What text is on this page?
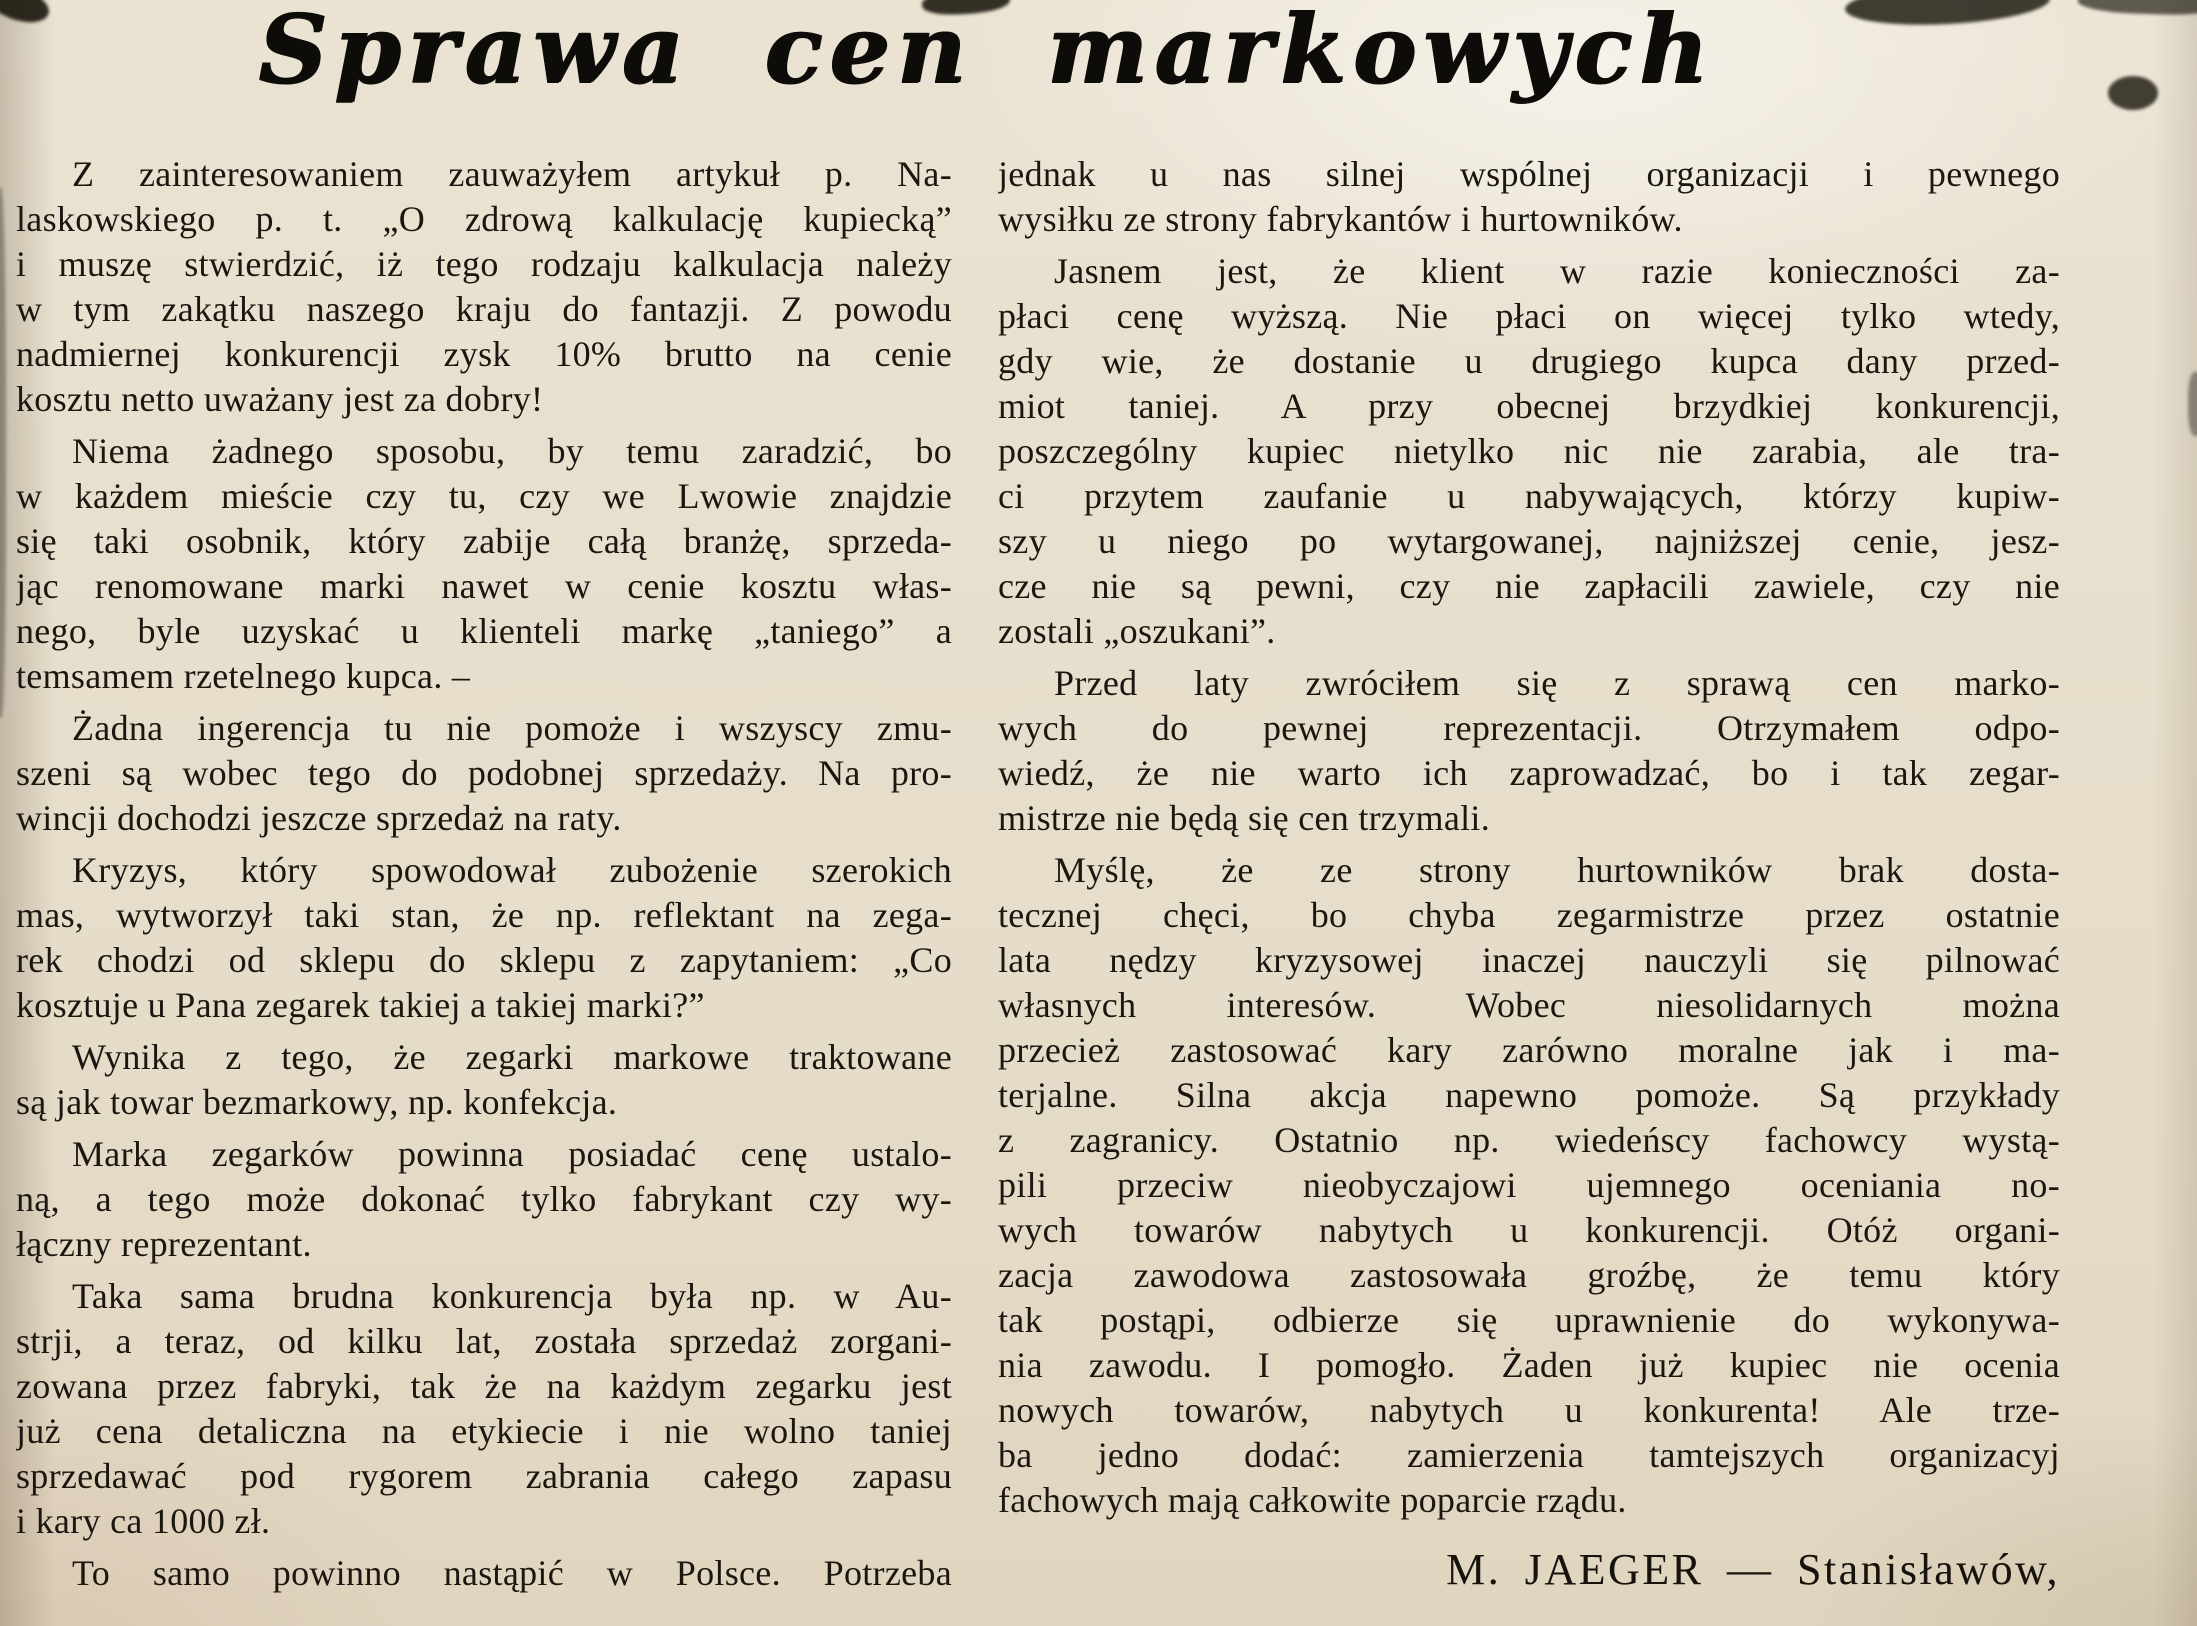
Sprawa cen markowych
Z zainteresowaniem zauważyłem artykuł p. Na-
laskowskiego p. t. „O zdrową kalkulację kupiecką”
i muszę stwierdzić, iż tego rodzaju kalkulacja należy
w tym zakątku naszego kraju do fantazji. Z powodu
nadmiernej konkurencji zysk 10% brutto na cenie
kosztu netto uważany jest za dobry!
Niema żadnego sposobu, by temu zaradzić, bo
w każdem mieście czy tu, czy we Lwowie znajdzie
się taki osobnik, który zabije całą branżę, sprzeda-
jąc renomowane marki nawet w cenie kosztu włas-
nego, byle uzyskać u klienteli markę „taniego” a
temsamem rzetelnego kupca. –
Żadna ingerencja tu nie pomoże i wszyscy zmu-
szeni są wobec tego do podobnej sprzedaży. Na pro-
wincji dochodzi jeszcze sprzedaż na raty.
Kryzys, który spowodował zubożenie szerokich
mas, wytworzył taki stan, że np. reflektant na zega-
rek chodzi od sklepu do sklepu z zapytaniem: „Co
kosztuje u Pana zegarek takiej a takiej marki?”
Wynika z tego, że zegarki markowe traktowane
są jak towar bezmarkowy, np. konfekcja.
Marka zegarków powinna posiadać cenę ustalo-
ną, a tego może dokonać tylko fabrykant czy wy-
łączny reprezentant.
Taka sama brudna konkurencja była np. w Au-
strji, a teraz, od kilku lat, została sprzedaż zorgani-
zowana przez fabryki, tak że na każdym zegarku jest
już cena detaliczna na etykiecie i nie wolno taniej
sprzedawać pod rygorem zabrania całego zapasu
i kary ca 1000 zł.
To samo powinno nastąpić w Polsce. Potrzeba
jednak u nas silnej wspólnej organizacji i pewnego
wysiłku ze strony fabrykantów i hurtowników.
Jasnem jest, że klient w razie konieczności za-
płaci cenę wyższą. Nie płaci on więcej tylko wtedy,
gdy wie, że dostanie u drugiego kupca dany przed-
miot taniej. A przy obecnej brzydkiej konkurencji,
poszczególny kupiec nietylko nic nie zarabia, ale tra-
ci przytem zaufanie u nabywających, którzy kupiw-
szy u niego po wytargowanej, najniższej cenie, jesz-
cze nie są pewni, czy nie zapłacili zawiele, czy nie
zostali „oszukani”.
Przed laty zwróciłem się z sprawą cen marko-
wych do pewnej reprezentacji. Otrzymałem odpo-
wiedź, że nie warto ich zaprowadzać, bo i tak zegar-
mistrze nie będą się cen trzymali.
Myślę, że ze strony hurtowników brak dosta-
tecznej chęci, bo chyba zegarmistrze przez ostatnie
lata nędzy kryzysowej inaczej nauczyli się pilnować
własnych interesów. Wobec niesolidarnych można
przecież zastosować kary zarówno moralne jak i ma-
terjalne. Silna akcja napewno pomoże. Są przykłady
z zagranicy. Ostatnio np. wiedeńscy fachowcy wystą-
pili przeciw nieobyczajowi ujemnego oceniania no-
wych towarów nabytych u konkurencji. Otóż organi-
zacja zawodowa zastosowała groźbę, że temu który
tak postąpi, odbierze się uprawnienie do wykonywa-
nia zawodu. I pomogło. Żaden już kupiec nie ocenia
nowych towarów, nabytych u konkurenta! Ale trze-
ba jedno dodać: zamierzenia tamtejszych organizacyj
fachowych mają całkowite poparcie rządu.
M. JAEGER — Stanisławów,
